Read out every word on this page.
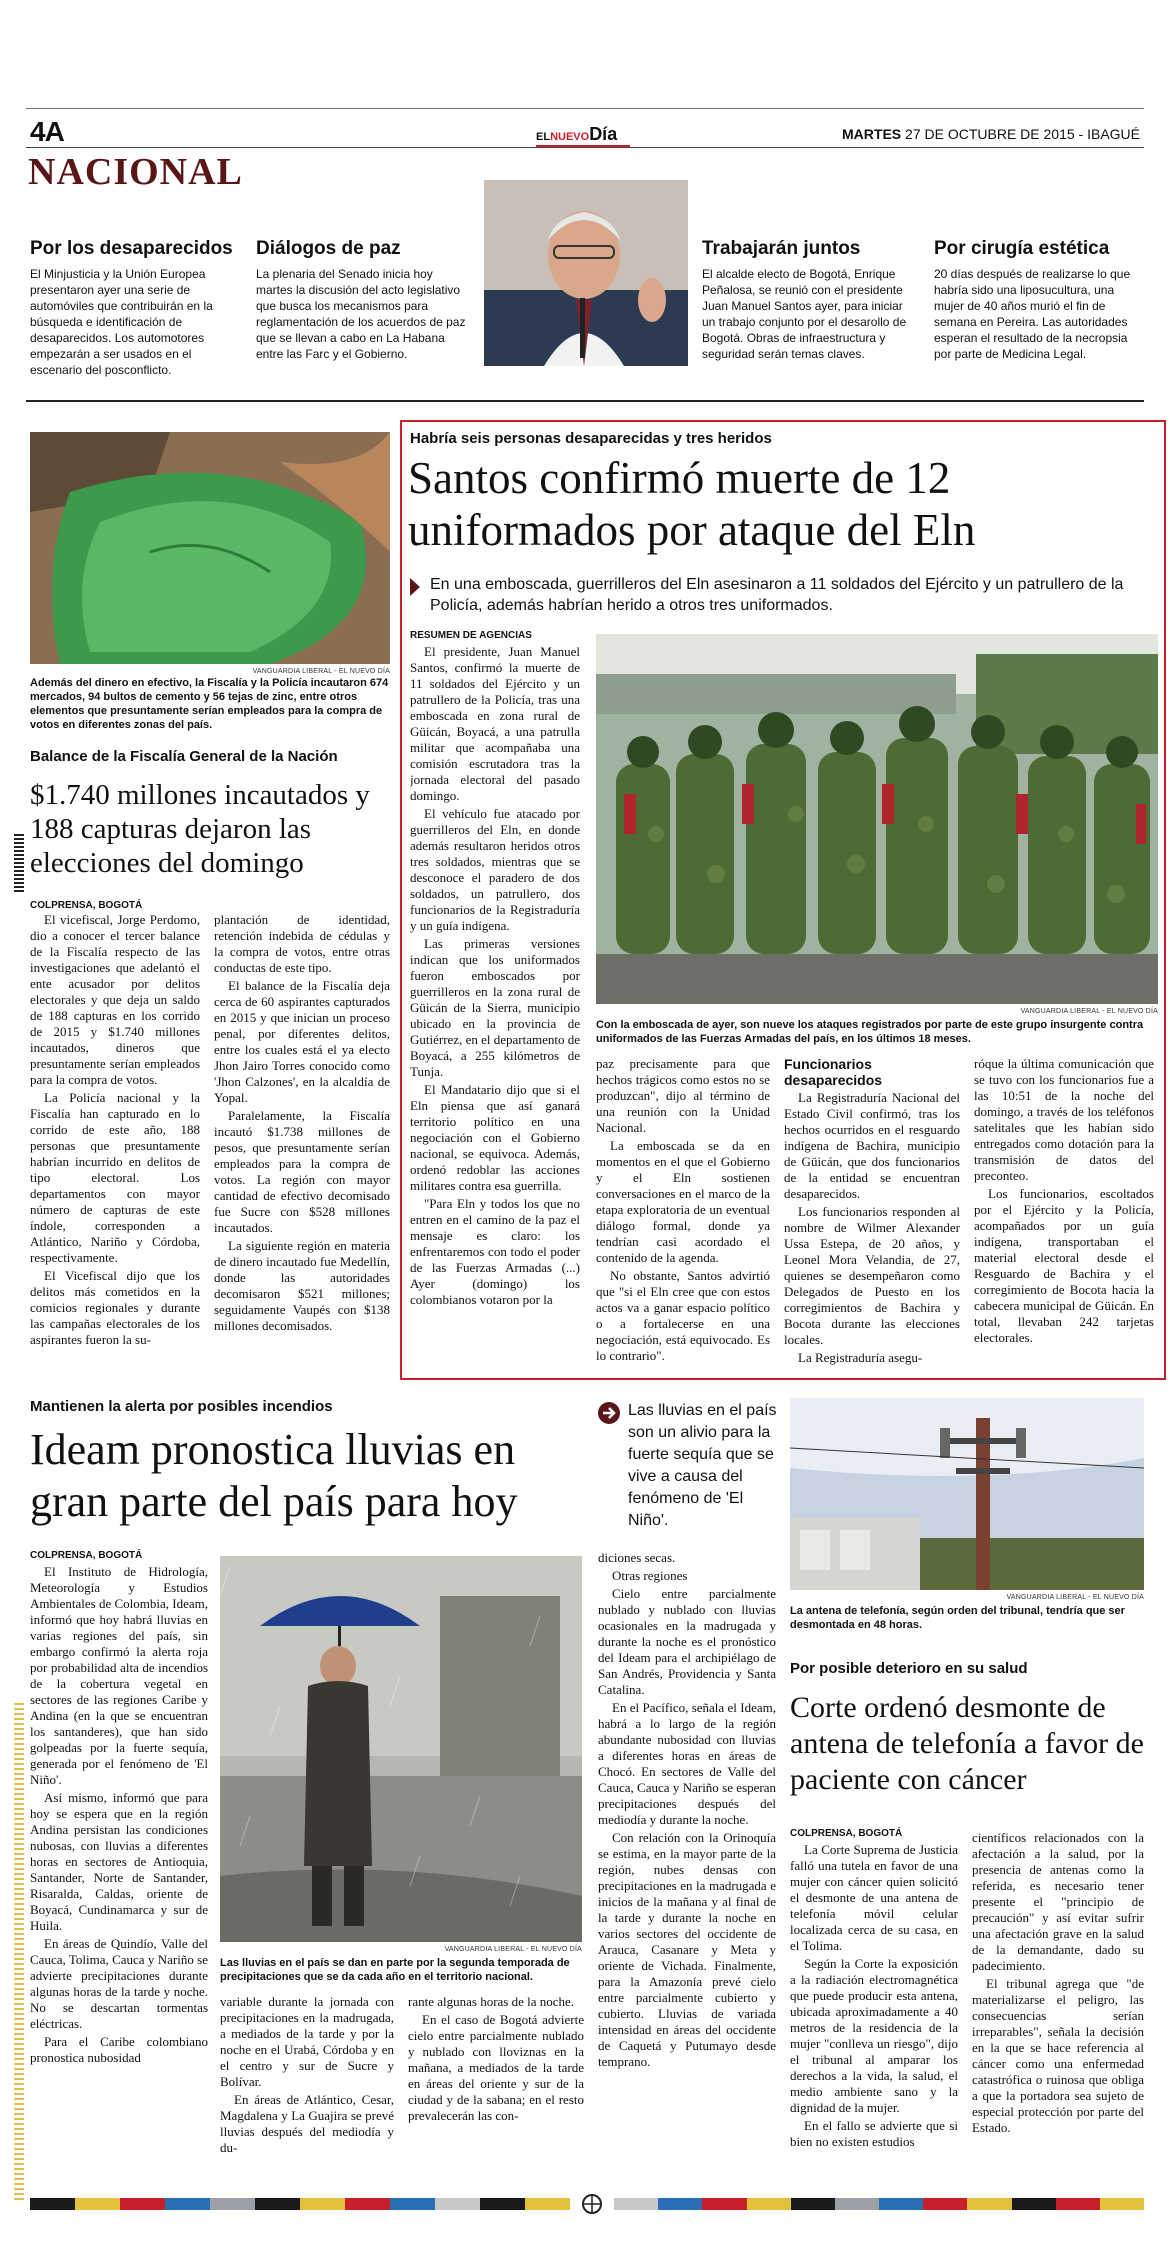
4A	ELNUEVODía	MARTES 27 DE OCTUBRE DE 2015 - IBAGUÉ
NACIONAL
Por los desaparecidos
El Minjusticia y la Unión Europea presentaron ayer una serie de automóviles que contribuirán en la búsqueda e identificación de desaparecidos. Los automotores empezarán a ser usados en el escenario del posconflicto.
Diálogos de paz
La plenaria del Senado inicia hoy martes la discusión del acto legislativo que busca los mecanismos para reglamentación de los acuerdos de paz que se llevan a cabo en La Habana entre las Farc y el Gobierno.
Trabajarán juntos
El alcalde electo de Bogotá, Enrique Peñalosa, se reunió con el presidente Juan Manuel Santos ayer, para iniciar un trabajo conjunto por el desarollo de Bogotá. Obras de infraestructura y seguridad serán temas claves.
Por cirugía estética
20 días después de realizarse lo que habría sido una liposucultura, una mujer de 40 años murió el fin de semana en Pereira. Las autoridades esperan el resultado de la necropsia por parte de Medicina Legal.
VANGUARDIA LIBERAL - EL NUEVO DÍA
Además del dinero en efectivo, la Fiscalía y la Policía incautaron 674 mercados, 94 bultos de cemento y 56 tejas de zinc, entre otros elementos que presuntamente serían empleados para la compra de votos en diferentes zonas del país.
Balance de la Fiscalía General de la Nación
$1.740 millones incautados y 188 capturas dejaron las elecciones del domingo
COLPRENSA, BOGOTÁ

El vicefiscal, Jorge Perdomo, dio a conocer el tercer balance de la Fiscalía respecto de las investigaciones que adelantó el ente acusador por delitos electorales y que deja un saldo de 188 capturas en los corrido de 2015 y $1.740 millones incautados, dineros que presuntamente serían empleados para la compra de votos.

La Policía nacional y la Fiscalía han capturado en lo corrido de este año, 188 personas que presuntamente habrían incurrido en delitos de tipo electoral. Los departamentos con mayor número de capturas de este índole, corresponden a Atlántico, Nariño y Córdoba, respectivamente.

El Vicefiscal dijo que los delitos más cometidos en la comicios regionales y durante las campañas electorales de los aspirantes fueron la su-

plantación de identidad, retención indebida de cédulas y la compra de votos, entre otras conductas de este tipo.

El balance de la Fiscalía deja cerca de 60 aspirantes capturados en 2015 y que inician un proceso penal, por diferentes delitos, entre los cuales está el ya electo Jhon Jairo Torres conocido como 'Jhon Calzones', en la alcaldía de Yopal.

Paralelamente, la Fiscalía incautó $1.738 millones de pesos, que presuntamente serían empleados para la compra de votos. La región con mayor cantidad de efectivo decomisado fue Sucre con $528 millones incautados.

La siguiente región en materia de dinero incautado fue Medellín, donde las autoridades decomisaron $521 millones; seguidamente Vaupés con $138 millones decomisados.

Habría seis personas desaparecidas y tres heridos
Santos confirmó muerte de 12 uniformados por ataque del Eln
En una emboscada, guerrilleros del Eln asesinaron a 11 soldados del Ejército y un patrullero de la Policía, además habrían herido a otros tres uniformados.
RESUMEN DE AGENCIAS

El presidente, Juan Manuel Santos, confirmó la muerte de 11 soldados del Ejército y un patrullero de la Policía, tras una emboscada en zona rural de Güicán, Boyacá, a una patrulla militar que acompañaba una comisión escrutadora tras la jornada electoral del pasado domingo.

El vehículo fue atacado por guerrilleros del Eln, en donde además resultaron heridos otros tres soldados, mientras que se desconoce el paradero de dos soldados, un patrullero, dos funcionarios de la Registraduría y un guía indígena.

Las primeras versiones indican que los uniformados fueron emboscados por guerrilleros en la zona rural de Güicán de la Sierra, municipio ubicado en la provincia de Gutiérrez, en el departamento de Boyacá, a 255 kilómetros de Tunja.

El Mandatario dijo que si el Eln piensa que así ganará territorio político en una negociación con el Gobierno nacional, se equivoca. Además, ordenó redoblar las acciones militares contra esa guerrilla.

"Para Eln y todos los que no entren en el camino de la paz el mensaje es claro: los enfrentaremos con todo el poder de las Fuerzas Armadas (...) Ayer (domingo) los colombianos votaron por la

VANGUARDIA LIBERAL - EL NUEVO DÍA
Con la emboscada de ayer, son nueve los ataques registrados por parte de este grupo insurgente contra uniformados de las Fuerzas Armadas del país, en los últimos 18 meses.

paz precisamente para que hechos trágicos como estos no se produzcan", dijo al término de una reunión con la Unidad Nacional.

La emboscada se da en momentos en el que el Gobierno y el Eln sostienen conversaciones en el marco de la etapa exploratoria de un eventual diálogo formal, donde ya tendrían casi acordado el contenido de la agenda.

No obstante, Santos advirtió que "si el Eln cree que con estos actos va a ganar espacio político o a fortalecerse en una negociación, está equivocado. Es lo contrario".

Funcionarios desaparecidos

La Registraduría Nacional del Estado Civil confirmó, tras los hechos ocurridos en el resguardo indígena de Bachira, municipio de Güicán, que dos funcionarios de la entidad se encuentran desaparecidos.

Los funcionarios responden al nombre de Wilmer Alexander Ussa Estepa, de 20 años, y Leonel Mora Velandia, de 27, quienes se desempeñaron como Delegados de Puesto en los corregimientos de Bachira y Bocota durante las elecciones locales.

La Registraduría asegu-

róque la última comunicación que se tuvo con los funcionarios fue a las 10:51 de la noche del domingo, a través de los teléfonos satelitales que les habían sido entregados como dotación para la transmisión de datos del preconteo.

Los funcionarios, escoltados por el Ejército y la Policía, acompañados por un guía indígena, transportaban el material electoral desde el Resguardo de Bachira y el corregimiento de Bocota hacia la cabecera municipal de Güicán. En total, llevaban 242 tarjetas electorales.

Mantienen la alerta por posibles incendios
Ideam pronostica lluvias en gran parte del país para hoy
Las lluvias en el país son un alivio para la fuerte sequía que se vive a causa del fenómeno de 'El Niño'.
COLPRENSA, BOGOTÁ

El Instituto de Hidrología, Meteorología y Estudios Ambientales de Colombia, Ideam, informó que hoy habrá lluvias en varias regiones del país, sin embargo confirmó la alerta roja por probabilidad alta de incendios de la cobertura vegetal en sectores de las regiones Caribe y Andina (en la que se encuentran los santanderes), que han sido golpeadas por la fuerte sequía, generada por el fenómeno de 'El Niño'.

Así mismo, informó que para hoy se espera que en la región Andina persistan las condiciones nubosas, con lluvias a diferentes horas en sectores de Antioquia, Santander, Norte de Santander, Risaralda, Caldas, oriente de Boyacá, Cundinamarca y sur de Huila.

En áreas de Quindío, Valle del Cauca, Tolima, Cauca y Nariño se advierte precipitaciones durante algunas horas de la tarde y noche. No se descartan tormentas eléctricas.

Para el Caribe colombiano pronostica nubosidad

VANGUARDIA LIBERAL - EL NUEVO DÍA
Las lluvias en el país se dan en parte por la segunda temporada de precipitaciones que se da cada año en el territorio nacional.

variable durante la jornada con precipitaciones en la madrugada, a mediados de la tarde y por la noche en el Urabá, Córdoba y en el centro y sur de Sucre y Bolívar.

En áreas de Atlántico, Cesar, Magdalena y La Guajira se prevé lluvias después del mediodía y du-

rante algunas horas de la noche.

En el caso de Bogotá advierte cielo entre parcialmente nublado y nublado con lloviznas en la mañana, a mediados de la tarde en áreas del oriente y sur de la ciudad y de la sabana; en el resto prevalecerán las con-

diciones secas.

Otras regiones

Cielo entre parcialmente nublado y nublado con lluvias ocasionales en la madrugada y durante la noche es el pronóstico del Ideam para el archipiélago de San Andrés, Providencia y Santa Catalina.

En el Pacífico, señala el Ideam, habrá a lo largo de la región abundante nubosidad con lluvias a diferentes horas en áreas de Chocó. En sectores de Valle del Cauca, Cauca y Nariño se esperan precipitaciones después del mediodía y durante la noche.

Con relación con la Orinoquía se estima, en la mayor parte de la región, nubes densas con precipitaciones en la madrugada e inicios de la mañana y al final de la tarde y durante la noche en varios sectores del occidente de Arauca, Casanare y Meta y oriente de Vichada. Finalmente, para la Amazonía prevé cielo entre parcialmente cubierto y cubierto. Lluvias de variada intensidad en áreas del occidente de Caquetá y Putumayo desde temprano.

VANGUARDIA LIBERAL - EL NUEVO DÍA
La antena de telefonía, según orden del tribunal, tendría que ser desmontada en 48 horas.
Por posible deterioro en su salud
Corte ordenó desmonte de antena de telefonía a favor de paciente con cáncer
COLPRENSA, BOGOTÁ

La Corte Suprema de Justicia falló una tutela en favor de una mujer con cáncer quien solicitó el desmonte de una antena de telefonía móvil celular localizada cerca de su casa, en el Tolima.

Según la Corte la exposición a la radiación electromagnética que puede producir esta antena, ubicada aproximadamente a 40 metros de la residencia de la mujer "conlleva un riesgo", dijo el tribunal al amparar los derechos a la vida, la salud, el medio ambiente sano y la dignidad de la mujer.

En el fallo se advierte que si bien no existen estudios

científicos relacionados con la afectación a la salud, por la presencia de antenas como la referida, es necesario tener presente el "principio de precaución" y así evitar sufrir una afectación grave en la salud de la demandante, dado su padecimiento.

El tribunal agrega que "de materializarse el peligro, las consecuencias serían irreparables", señala la decisión en la que se hace referencia al cáncer como una enfermedad catastrófica o ruinosa que obliga a que la portadora sea sujeto de especial protección por parte del Estado.
